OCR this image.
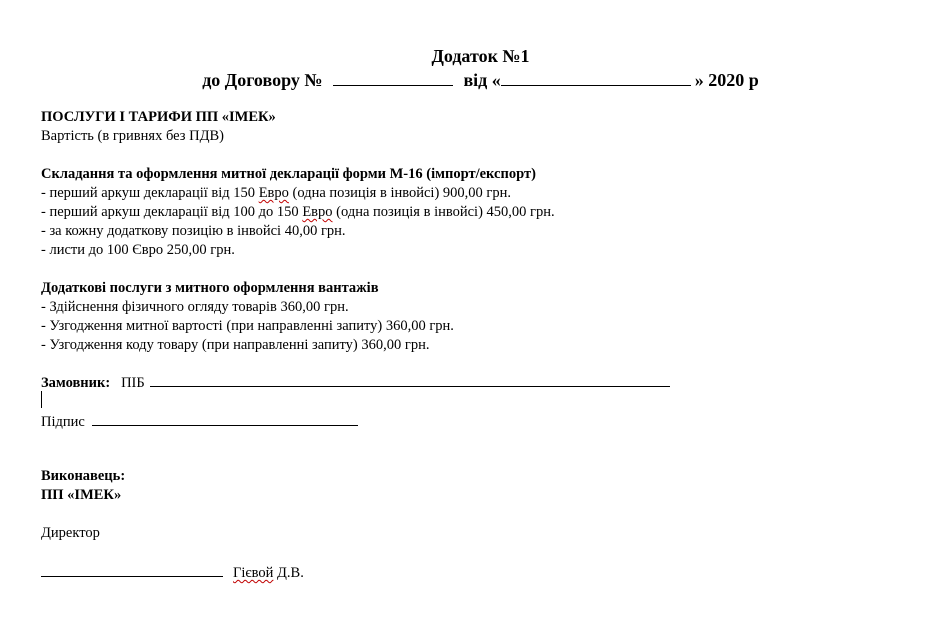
Додаток №1
до Договору №	від «	» 2020 р
ПОСЛУГИ І ТАРИФИ ПП «ІМЕК»
Вартість (в гривнях без ПДВ)
Складання та оформлення митної декларації форми М-16 (імпорт/експорт)
- перший аркуш декларації від 150 Евро (одна позиція в інвойсі) 900,00 грн.
- перший аркуш декларації від 100 до 150 Евро (одна позиція в інвойсі) 450,00 грн.
- за кожну додаткову позицію в інвойсі 40,00 грн.
- листи до 100 Євро 250,00 грн.
Додаткові послуги з митного оформлення вантажів
- Здійснення фізичного огляду товарів 360,00 грн.
- Узгодження митної вартості (при направленні запиту) 360,00 грн.
- Узгодження коду товару (при направленні запиту) 360,00 грн.
Замовник: ПІБ
Підпис
Виконавець:
ПП «ІМЕК»
Директор
Гієвой Д.В.
